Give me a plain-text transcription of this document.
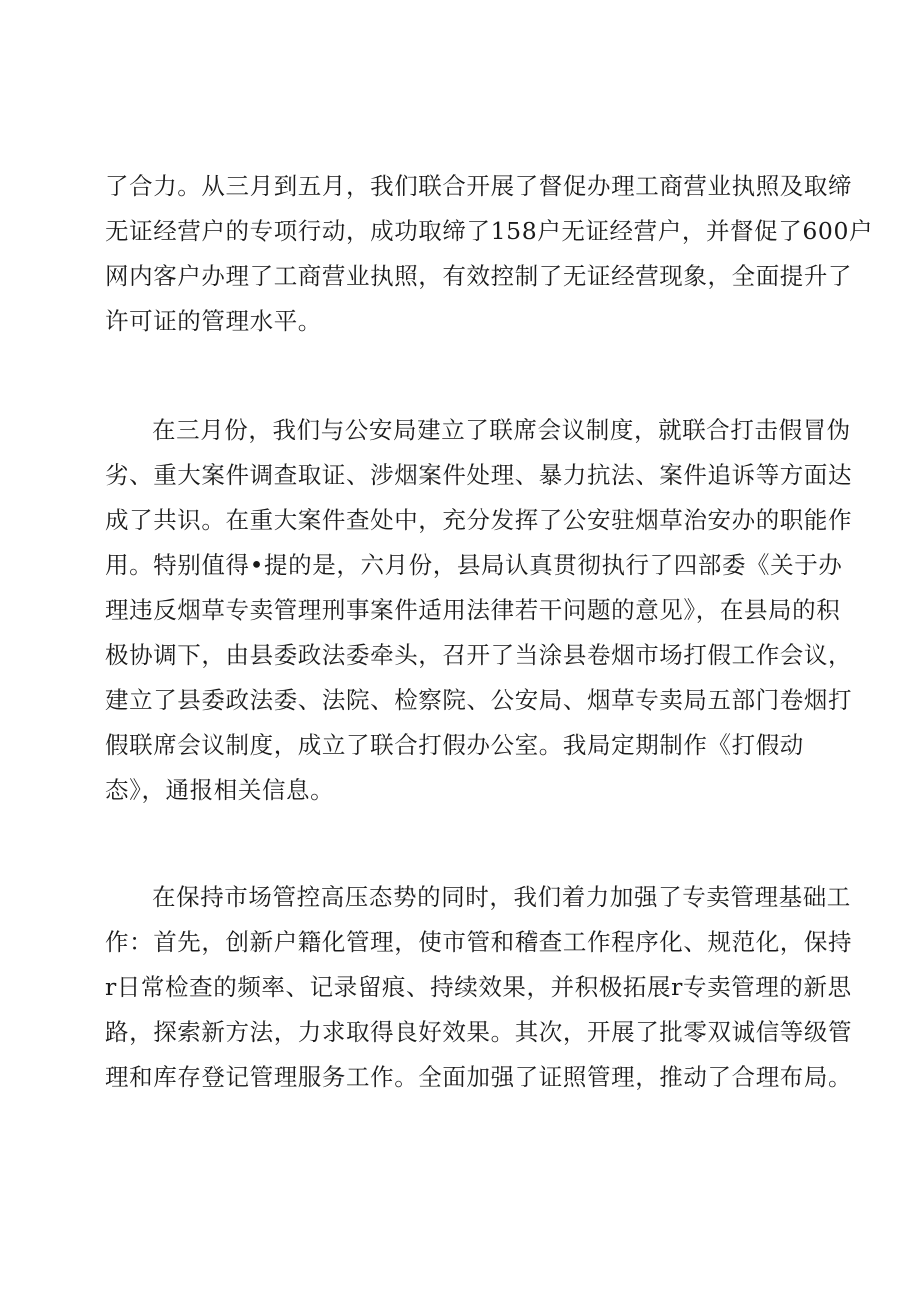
了合力。从三月到五月，我们联合开展了督促办理工商营业执照及取缔
无证经营户的专项行动，成功取缔了158户无证经营户，并督促了600户
网内客户办理了工商营业执照，有效控制了无证经营现象，全面提升了
许可证的管理水平。
在三月份，我们与公安局建立了联席会议制度，就联合打击假冒伪
劣、重大案件调查取证、涉烟案件处理、暴力抗法、案件追诉等方面达
成了共识。在重大案件查处中，充分发挥了公安驻烟草治安办的职能作
用。特别值得•提的是，六月份，县局认真贯彻执行了四部委《关于办
理违反烟草专卖管理刑事案件适用法律若干问题的意见》，在县局的积
极协调下，由县委政法委牵头，召开了当涂县卷烟市场打假工作会议，
建立了县委政法委、法院、检察院、公安局、烟草专卖局五部门卷烟打
假联席会议制度，成立了联合打假办公室。我局定期制作《打假动
态》，通报相关信息。
在保持市场管控高压态势的同时，我们着力加强了专卖管理基础工
作：首先，创新户籍化管理，使市管和稽查工作程序化、规范化，保持
r日常检查的频率、记录留痕、持续效果，并积极拓展r专卖管理的新思
路，探索新方法，力求取得良好效果。其次，开展了批零双诚信等级管
理和库存登记管理服务工作。全面加强了证照管理，推动了合理布局。
